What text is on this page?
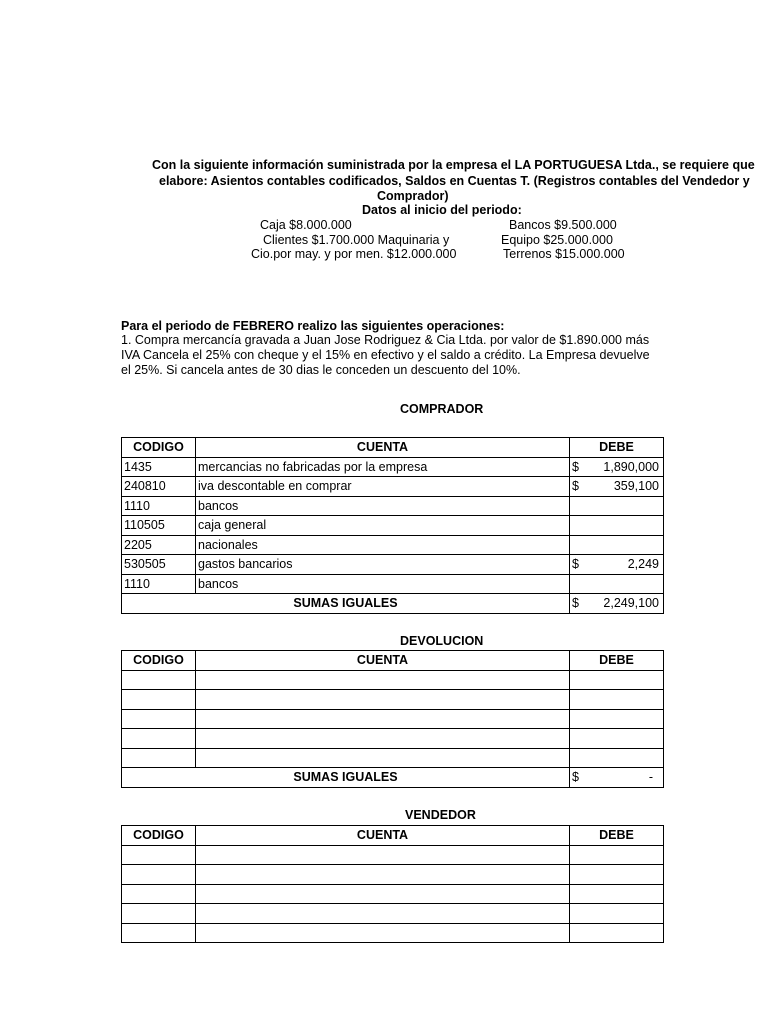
Con la siguiente información suministrada por la empresa el LA PORTUGUESA Ltda., se requiere que
elabore: Asientos contables codificados, Saldos en Cuentas T. (Registros contables del Vendedor y
Comprador)
Datos al inicio del periodo:
Caja $8.000.000	Bancos $9.500.000
Clientes $1.700.000 Maquinaria y	Equipo $25.000.000
Cio.por may. y por men. $12.000.000	Terrenos $15.000.000
Para el periodo de FEBRERO realizo las siguientes operaciones:
1. Compra mercancía gravada a Juan Jose Rodriguez & Cia Ltda. por valor de $1.890.000 más
IVA Cancela el 25% con cheque y el 15% en efectivo y el saldo a crédito. La Empresa devuelve
el 25%. Si cancela antes de 30 dias le conceden un descuento del 10%.
COMPRADOR
CODIGO	CUENTA	DEBE
1435	mercancias no fabricadas por la empresa	$ 1,890,000

240810	iva descontable en comprar	$ 359,100

1110	bancos	

110505	caja general	

2205	nacionales	

530505	gastos bancarios	$ 2,249

1110	bancos	

SUMAS IGUALES		$ 2,249,100
DEVOLUCION
CODIGO	CUENTA	DEBE

SUMAS IGUALES		$ -
VENDEDOR
CODIGO	CUENTA	DEBE
